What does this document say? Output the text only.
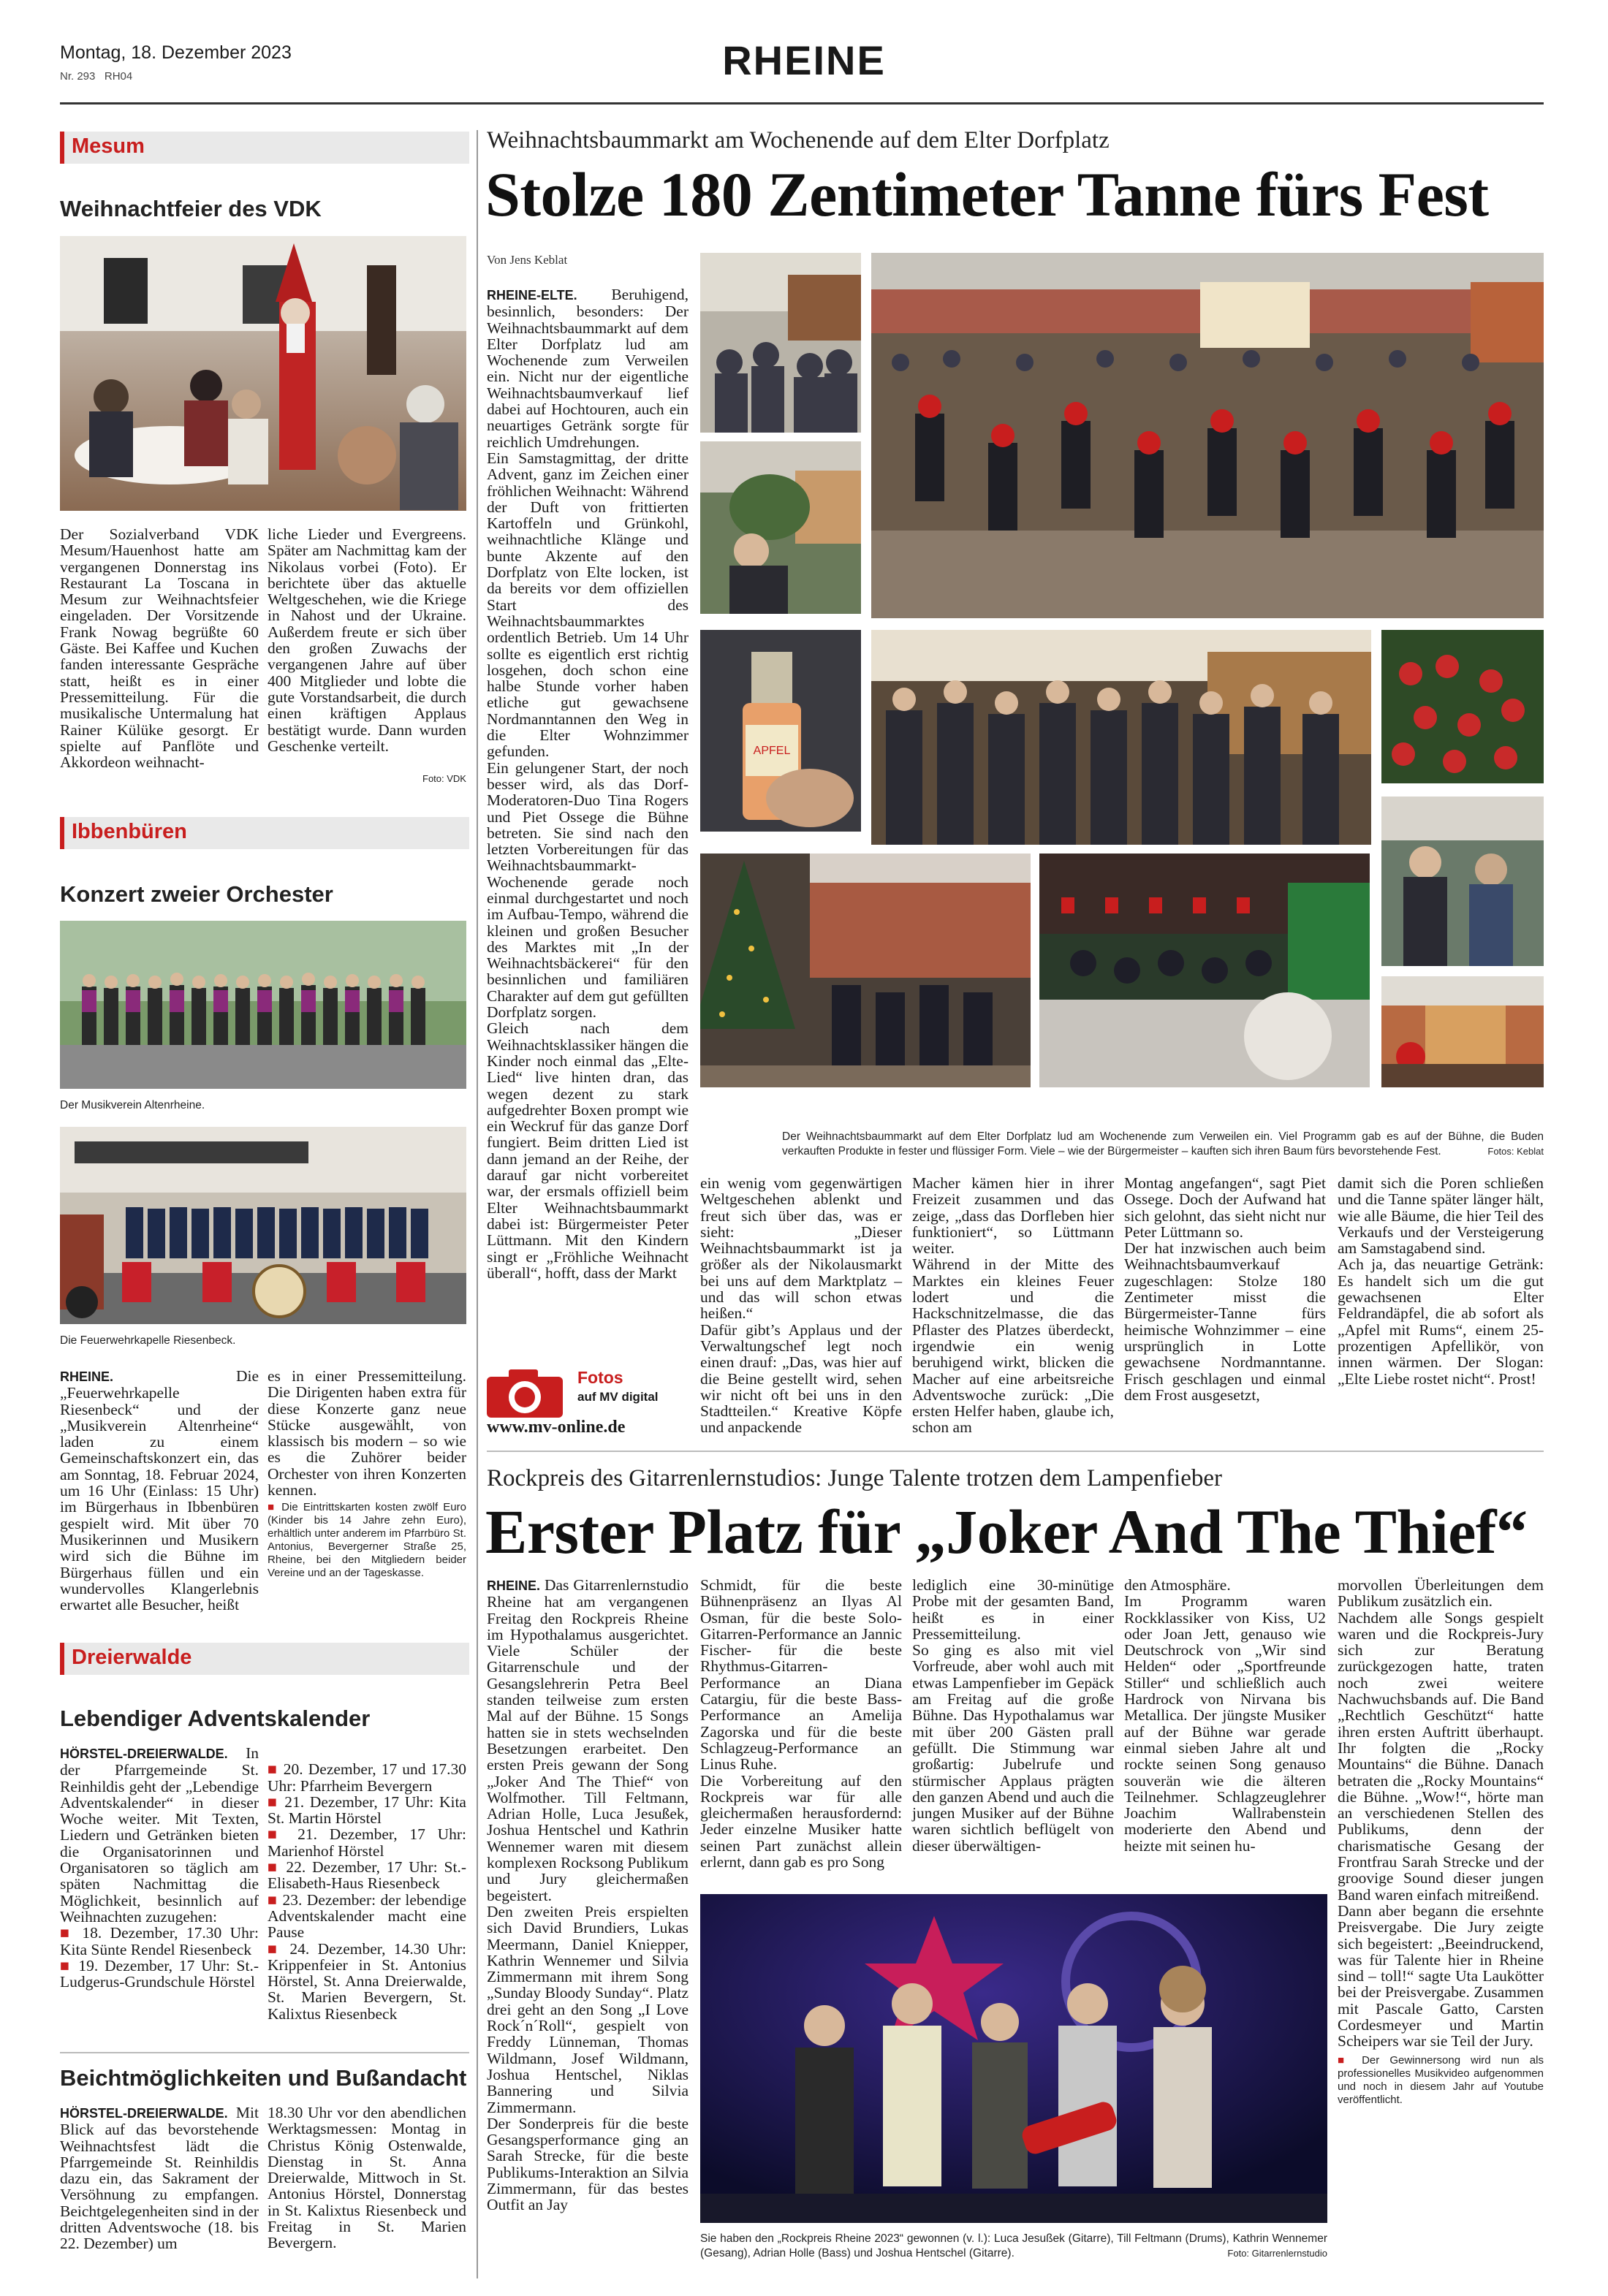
Montag, 18. Dezember 2023
Nr. 293 RH04	RHEINE
Mesum
Weihnachtfeier des VDK
Der Sozialverband VDK Mesum/Hauenhost hatte am vergangenen Donnerstag ins Restaurant La Toscana in Mesum zur Weihnachtsfeier eingeladen. Der Vorsitzende Frank Nowag begrüßte 60 Gäste. Bei Kaffee und Kuchen fanden interessante Gespräche statt, heißt es in einer Pressemitteilung. Für die musikalische Untermalung hat Rainer Külüke gesorgt. Er spielte auf Panflöte und Akkordeon weihnacht-
liche Lieder und Evergreens. Später am Nachmittag kam der Nikolaus vorbei (Foto). Er berichtete über das aktuelle Weltgeschehen, wie die Kriege in Nahost und der Ukraine. Außerdem freute er sich über den großen Zuwachs der vergangenen Jahre auf über 400 Mitglieder und lobte die gute Vorstandsarbeit, die durch einen kräftigen Applaus bestätigt wurde. Dann wurden Geschenke verteilt.
Foto: VDK
Ibbenbüren
Konzert zweier Orchester
Der Musikverein Altenrheine.
Die Feuerwehrkapelle Riesenbeck.
RHEINE. Die „Feuerwehrkapelle Riesenbeck“ und der „Musikverein Altenrheine“ laden zu einem Gemeinschaftskonzert ein, das am Sonntag, 18. Februar 2024, um 16 Uhr (Einlass: 15 Uhr) im Bürgerhaus in Ibbenbüren gespielt wird. Mit über 70 Musikerinnen und Musikern wird sich die Bühne im Bürgerhaus füllen und ein wundervolles Klangerlebnis erwartet alle Besucher, heißt
es in einer Pressemitteilung. Die Dirigenten haben extra für diese Konzerte ganz neue Stücke ausgewählt, von klassisch bis modern – so wie es die Zuhörer beider Orchester von ihren Konzerten kennen.

■ Die Eintrittskarten kosten zwölf Euro (Kinder bis 14 Jahre zehn Euro), erhältlich unter anderem im Pfarrbüro St. Antonius, Bevergerner Straße 25, Rheine, bei den Mitgliedern beider Vereine und an der Tageskasse.
Dreierwalde
Lebendiger Adventskalender
HÖRSTEL-DREIERWALDE. In der Pfarrgemeinde St. Reinhildis geht der „Lebendige Adventskalender“ in dieser Woche weiter. Mit Texten, Liedern und Getränken bieten die Organisatorinnen und Organisatoren so täglich am späten Nachmittag die Möglichkeit, besinnlich auf Weihnachten zuzugehen:

■ 18. Dezember, 17.30 Uhr: Kita Sünte Rendel Riesenbeck
■ 19. Dezember, 17 Uhr: St.-Ludgerus-Grundschule Hörstel

■ 20. Dezember, 17 und 17.30 Uhr: Pfarrheim Bevergern
■ 21. Dezember, 17 Uhr: Kita St. Martin Hörstel
■ 21. Dezember, 17 Uhr: Marienhof Hörstel
■ 22. Dezember, 17 Uhr: St.-Elisabeth-Haus Riesenbeck
■ 23. Dezember: der lebendige Adventskalender macht eine Pause
■ 24. Dezember, 14.30 Uhr: Krippenfeier in St. Antonius Hörstel, St. Anna Dreierwalde, St. Marien Bevergern, St. Kalixtus Riesenbeck
Beichtmöglichkeiten und Bußandacht
HÖRSTEL-DREIERWALDE. Mit Blick auf das bevorstehende Weihnachtsfest lädt die Pfarrgemeinde St. Reinhildis dazu ein, das Sakrament der Versöhnung zu empfangen. Beichtgelegenheiten sind in der dritten Adventswoche (18. bis 22. Dezember) um
18.30 Uhr vor den abendlichen Werktagsmessen: Montag in Christus König Ostenwalde, Dienstag in St. Anna Dreierwalde, Mittwoch in St. Antonius Hörstel, Donnerstag in St. Kalixtus Riesenbeck und Freitag in St. Marien Bevergern.
Weihnachtsbaummarkt am Wochenende auf dem Elter Dorfplatz
Stolze 180 Zentimeter Tanne fürs Fest
Von Jens Keblat
RHEINE-ELTE. Beruhigend, besinnlich, besonders: Der Weihnachtsbaummarkt auf dem Elter Dorfplatz lud am Wochenende zum Verweilen ein. Nicht nur der eigentliche Weihnachtsbaumverkauf lief dabei auf Hochtouren, auch ein neuartiges Getränk sorgte für reichlich Umdrehungen.
Ein Samstagmittag, der dritte Advent, ganz im Zeichen einer fröhlichen Weihnacht: Während der Duft von frittierten Kartoffeln und Grünkohl, weihnachtliche Klänge und bunte Akzente auf den Dorfplatz von Elte locken, ist da bereits vor dem offiziellen Start des Weihnachtsbaummarktes ordentlich Betrieb. Um 14 Uhr sollte es eigentlich erst richtig losgehen, doch schon eine halbe Stunde vorher haben etliche gut gewachsene Nordmanntannen den Weg in die Elter Wohnzimmer gefunden.
Ein gelungener Start, der noch besser wird, als das Dorf-Moderatoren-Duo Tina Rogers und Piet Ossege die Bühne betreten. Sie sind nach den letzten Vorbereitungen für das Weihnachtsbaummarkt-Wochenende gerade noch einmal durchgestartet und noch im Aufbau-Tempo, während die kleinen und großen Besucher des Marktes mit „In der Weihnachtsbäckerei“ für den besinnlichen und familiären Charakter auf dem gut gefüllten Dorfplatz sorgen.
Gleich nach dem Weihnachtsklassiker hängen die Kinder noch einmal das „Elte-Lied“ live hinten dran, das wegen dezent zu stark aufgedrehter Boxen prompt wie ein Weckruf für das ganze Dorf fungiert. Beim dritten Lied ist dann jemand an der Reihe, der darauf gar nicht vorbereitet war, der ersmals offiziell beim Elter Weihnachtsbaummarkt dabei ist: Bürgermeister Peter Lüttmann. Mit den Kindern singt er „Fröhliche Weihnacht überall“, hofft, dass der Markt
APFEL
Der Weihnachtsbaummarkt auf dem Elter Dorfplatz lud am Wochenende zum Verweilen ein. Viel Programm gab es auf der Bühne, die Buden verkauften Produkte in fester und flüssiger Form. Viele – wie der Bürgermeister – kauften sich ihren Baum fürs bevorstehende Fest.	Fotos: Keblat
ein wenig vom gegenwärtigen Weltgeschehen ablenkt und freut sich über das, was er sieht: „Dieser Weihnachtsbaummarkt ist ja größer als der Nikolausmarkt bei uns auf dem Marktplatz – und das will schon etwas heißen.“
Dafür gibt’s Applaus und der Verwaltungschef legt noch einen drauf: „Das, was hier auf die Beine gestellt wird, sehen wir nicht oft bei uns in den Stadtteilen.“ Kreative Köpfe und anpackende
Macher kämen hier in ihrer Freizeit zusammen und das zeige, „dass das Dorfleben hier funktioniert“, so Lüttmann weiter.
Während in der Mitte des Marktes ein kleines Feuer lodert und die Hackschnitzelmasse, die das Pflaster des Platzes überdeckt, irgendwie ein wenig beruhigend wirkt, blicken die Macher auf eine arbeitsreiche Adventswoche zurück: „Die ersten Helfer haben, glaube ich, schon am
Montag angefangen“, sagt Piet Ossege. Doch der Aufwand hat sich gelohnt, das sieht nicht nur Peter Lüttmann so.
Der hat inzwischen auch beim Weihnachtsbaumverkauf zugeschlagen: Stolze 180 Zentimeter misst die Bürgermeister-Tanne fürs heimische Wohnzimmer – eine ursprünglich in Lotte gewachsene Nordmanntanne. Frisch geschlagen und einmal dem Frost ausgesetzt,
damit sich die Poren schließen und die Tanne später länger hält, wie alle Bäume, die hier Teil des Verkaufs und der Versteigerung am Samstagabend sind.
Ach ja, das neuartige Getränk: Es handelt sich um die gut gewachsenen Elter Feldrandäpfel, die ab sofort als „Apfel mit Rums“, einem 25-prozentigen Apfellikör, von innen wärmen. Der Slogan: „Elte Liebe rostet nicht“. Prost!
Fotos
auf MV digital
www.mv-online.de
Rockpreis des Gitarrenlernstudios: Junge Talente trotzen dem Lampenfieber
Erster Platz für „Joker And The Thief“
RHEINE. Das Gitarrenlernstudio Rheine hat am vergangenen Freitag den Rockpreis Rheine im Hypothalamus ausgerichtet. Viele Schüler der Gitarrenschule und der Gesangslehrerin Petra Beel standen teilweise zum ersten Mal auf der Bühne. 15 Songs hatten sie in stets wechselnden Besetzungen erarbeitet. Den ersten Preis gewann der Song „Joker And The Thief“ von Wolfmother. Till Feltmann, Adrian Holle, Luca Jesußek, Joshua Hentschel und Kathrin Wennemer waren mit diesem komplexen Rocksong Publikum und Jury gleichermaßen begeistert.
Den zweiten Preis erspielten sich David Brundiers, Lukas Meermann, Daniel Kniepper, Kathrin Wennemer und Silvia Zimmermann mit ihrem Song „Sunday Bloody Sunday“. Platz drei geht an den Song „I Love Rock´n´Roll“, gespielt von Freddy Lünneman, Thomas Wildmann, Josef Wildmann, Joshua Hentschel, Niklas Bannering und Silvia Zimmermann.
Der Sonderpreis für die beste Gesangsperformance ging an Sarah Strecke, für die beste Publikums-Interaktion an Silvia Zimmermann, für das bestes Outfit an Jay
Schmidt, für die beste Bühnenpräsenz an Ilyas Al Osman, für die beste Solo-Gitarren-Performance an Jannic Fischer- für die beste Rhythmus-Gitarren-Performance an Diana Catargiu, für die beste Bass-Performance an Amelija Zagorska und für die beste Schlagzeug-Performance an Linus Ruhe.
Die Vorbereitung auf den Rockpreis war für alle gleichermaßen herausfordernd: Jeder einzelne Musiker hatte seinen Part zunächst allein erlernt, dann gab es pro Song
lediglich eine 30-minütige Probe mit der gesamten Band, heißt es in einer Pressemitteilung.
So ging es also mit viel Vorfreude, aber wohl auch mit etwas Lampenfieber im Gepäck am Freitag auf die große Bühne. Das Hypothalamus war mit über 200 Gästen prall gefüllt. Die Stimmung war großartig: Jubelrufe und stürmischer Applaus prägten den ganzen Abend und auch die jungen Musiker auf der Bühne waren sichtlich beflügelt von dieser überwältigen-
den Atmosphäre.
Im Programm waren Rockklassiker von Kiss, U2 oder Joan Jett, genauso wie Deutschrock von „Wir sind Helden“ oder „Sportfreunde Stiller“ und schließlich auch Hardrock von Nirvana bis Metallica. Der jüngste Musiker auf der Bühne war gerade einmal sieben Jahre alt und rockte seinen Song genauso souverän wie die älteren Teilnehmer. Schlagzeuglehrer Joachim Wallrabenstein moderierte den Abend und heizte mit seinen hu-
morvollen Überleitungen dem Publikum zusätzlich ein.
Nachdem alle Songs gespielt waren und die Rockpreis-Jury sich zur Beratung zurückgezogen hatte, traten noch zwei weitere Nachwuchsbands auf. Die Band „Rechtlich Geschützt“ hatte ihren ersten Auftritt überhaupt. Ihr folgten die „Rocky Mountains“ die Bühne. Danach betraten die „Rocky Mountains“ die Bühne. „Wow!“, hörte man an verschiedenen Stellen des Publikums, denn der charismatische Gesang der Frontfrau Sarah Strecke und der groovige Sound dieser jungen Band waren einfach mitreißend.
Dann aber begann die ersehnte Preisvergabe. Die Jury zeigte sich begeistert: „Beeindruckend, was für Talente hier in Rheine sind – toll!“ sagte Uta Laukötter bei der Preisvergabe. Zusammen mit Pascale Gatto, Carsten Cordesmeyer und Martin Scheipers war sie Teil der Jury.

■ Der Gewinnersong wird nun als professionelles Musikvideo aufgenommen und noch in diesem Jahr auf Youtube veröffentlicht.
Sie haben den „Rockpreis Rheine 2023“ gewonnen (v. l.): Luca Jesußek (Gitarre), Till Feltmann (Drums), Kathrin Wennemer (Gesang), Adrian Holle (Bass) und Joshua Hentschel (Gitarre).	Foto: Gitarrenlernstudio
